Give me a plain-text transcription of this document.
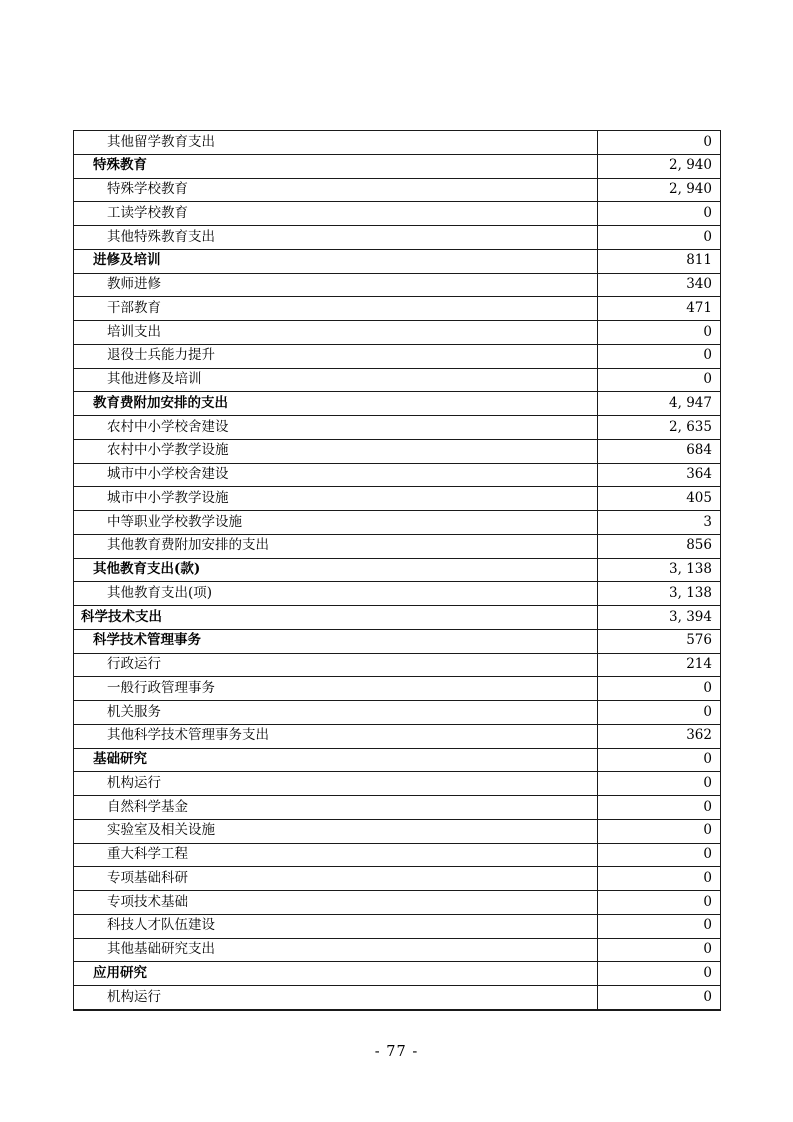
其他留学教育支出	0
特殊教育	2, 940
特殊学校教育	2, 940
工读学校教育	0
其他特殊教育支出	0
进修及培训	811
教师进修	340
干部教育	471
培训支出	0
退役士兵能力提升	0
其他进修及培训	0
教育费附加安排的支出	4, 947
农村中小学校舍建设	2, 635
农村中小学教学设施	684
城市中小学校舍建设	364
城市中小学教学设施	405
中等职业学校教学设施	3
其他教育费附加安排的支出	856
其他教育支出(款)	3, 138
其他教育支出(项)	3, 138
科学技术支出	3, 394
科学技术管理事务	576
行政运行	214
一般行政管理事务	0
机关服务	0
其他科学技术管理事务支出	362
基础研究	0
机构运行	0
自然科学基金	0
实验室及相关设施	0
重大科学工程	0
专项基础科研	0
专项技术基础	0
科技人才队伍建设	0
其他基础研究支出	0
应用研究	0
机构运行	0
- 77 -
